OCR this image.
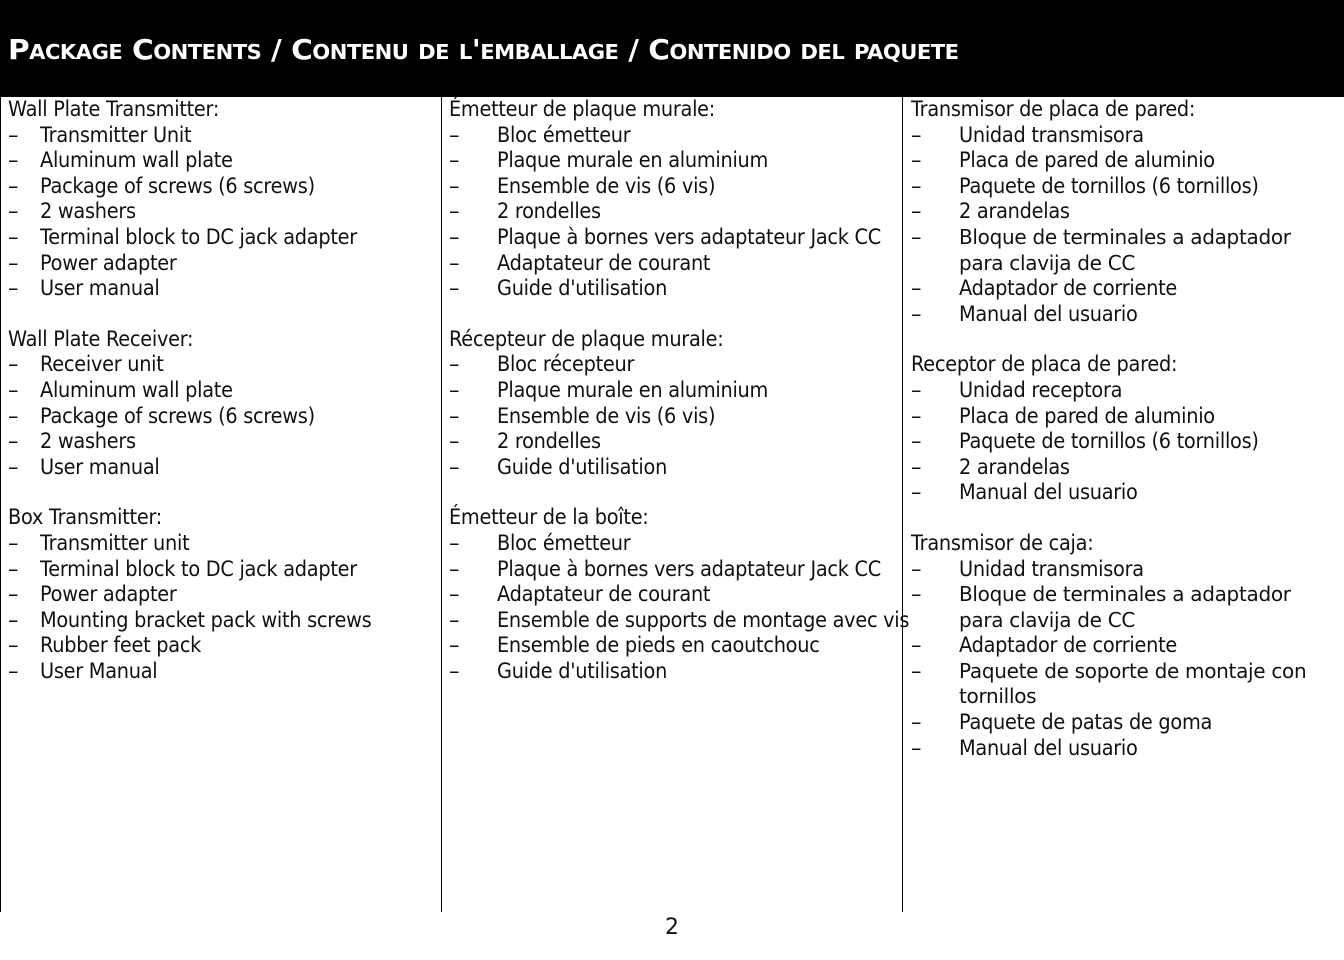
Package Contents / Contenu de l'emballage / Contenido del paquete
Wall Plate Transmitter:
–	Transmitter Unit
–	Aluminum wall plate
–	Package of screws (6 screws)
–	2 washers
–	Terminal block to DC jack adapter
–	Power adapter
–	User manual
Wall Plate Receiver:
–	Receiver unit
–	Aluminum wall plate
–	Package of screws (6 screws)
–	2 washers
–	User manual
Box Transmitter:
–	Transmitter unit
–	Terminal block to DC jack adapter
–	Power adapter
–	Mounting bracket pack with screws
–	Rubber feet pack
–	User Manual
Émetteur de plaque murale:
–	Bloc émetteur
–	Plaque murale en aluminium
–	Ensemble de vis (6 vis)
–	2 rondelles
–	Plaque à bornes vers adaptateur Jack CC
–	Adaptateur de courant
–	Guide d'utilisation
Récepteur de plaque murale:
–	Bloc récepteur
–	Plaque murale en aluminium
–	Ensemble de vis (6 vis)
–	2 rondelles
–	Guide d'utilisation
Émetteur de la boîte:
–	Bloc émetteur
–	Plaque à bornes vers adaptateur Jack CC
–	Adaptateur de courant
–	Ensemble de supports de montage avec vis
–	Ensemble de pieds en caoutchouc
–	Guide d'utilisation
Transmisor de placa de pared:
–	Unidad transmisora
–	Placa de pared de aluminio
–	Paquete de tornillos (6 tornillos)
–	2 arandelas
–	Bloque de terminales a adaptador para clavija de CC
–	Adaptador de corriente
–	Manual del usuario
Receptor de placa de pared:
–	Unidad receptora
–	Placa de pared de aluminio
–	Paquete de tornillos (6 tornillos)
–	2 arandelas
–	Manual del usuario
Transmisor de caja:
–	Unidad transmisora
–	Bloque de terminales a adaptador para clavija de CC
–	Adaptador de corriente
–	Paquete de soporte de montaje con tornillos
–	Paquete de patas de goma
–	Manual del usuario
2
